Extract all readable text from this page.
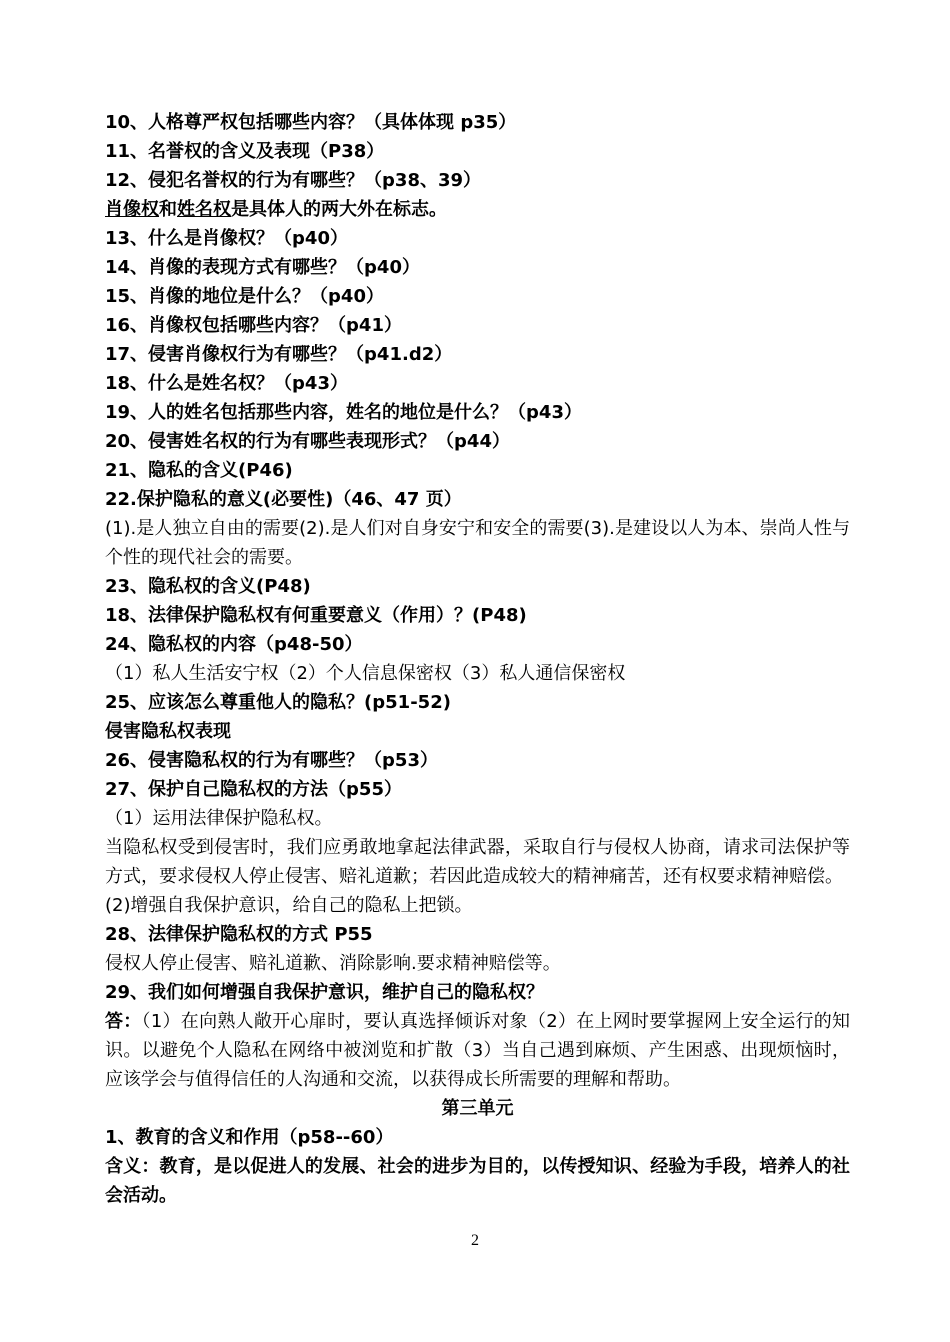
10、人格尊严权包括哪些内容？（具体体现 p35）
11、名誉权的含义及表现（P38）
12、侵犯名誉权的行为有哪些？（p38、39）
肖像权和姓名权是具体人的两大外在标志。
13、什么是肖像权？（p40）
14、肖像的表现方式有哪些？（p40）
15、肖像的地位是什么？（p40）
16、肖像权包括哪些内容？（p41）
17、侵害肖像权行为有哪些？（p41.d2）
18、什么是姓名权？（p43）
19、人的姓名包括那些内容，姓名的地位是什么？（p43）
20、侵害姓名权的行为有哪些表现形式？（p44）
21、隐私的含义(P46)
22.保护隐私的意义(必要性)（46、47 页）
(1).是人独立自由的需要(2).是人们对自身安宁和安全的需要(3).是建设以人为本、崇尚人性与个性的现代社会的需要。
23、隐私权的含义(P48)
18、法律保护隐私权有何重要意义（作用）？(P48)
24、隐私权的内容（p48-50）
（1）私人生活安宁权（2）个人信息保密权（3）私人通信保密权
25、应该怎么尊重他人的隐私？(p51-52)
侵害隐私权表现
26、侵害隐私权的行为有哪些？（p53）
27、保护自己隐私权的方法（p55）
（1）运用法律保护隐私权。
当隐私权受到侵害时，我们应勇敢地拿起法律武器，采取自行与侵权人协商，请求司法保护等方式，要求侵权人停止侵害、赔礼道歉；若因此造成较大的精神痛苦，还有权要求精神赔偿。
(2)增强自我保护意识，给自己的隐私上把锁。
28、法律保护隐私权的方式 P55
侵权人停止侵害、赔礼道歉、消除影响.要求精神赔偿等。
29、我们如何增强自我保护意识，维护自己的隐私权？
答：（1）在向熟人敞开心扉时，要认真选择倾诉对象（2）在上网时要掌握网上安全运行的知识。以避免个人隐私在网络中被浏览和扩散（3）当自己遇到麻烦、产生困惑、出现烦恼时，应该学会与值得信任的人沟通和交流，以获得成长所需要的理解和帮助。
第三单元
1、教育的含义和作用（p58--60）
含义：教育，是以促进人的发展、社会的进步为目的，以传授知识、经验为手段，培养人的社会活动。
2
